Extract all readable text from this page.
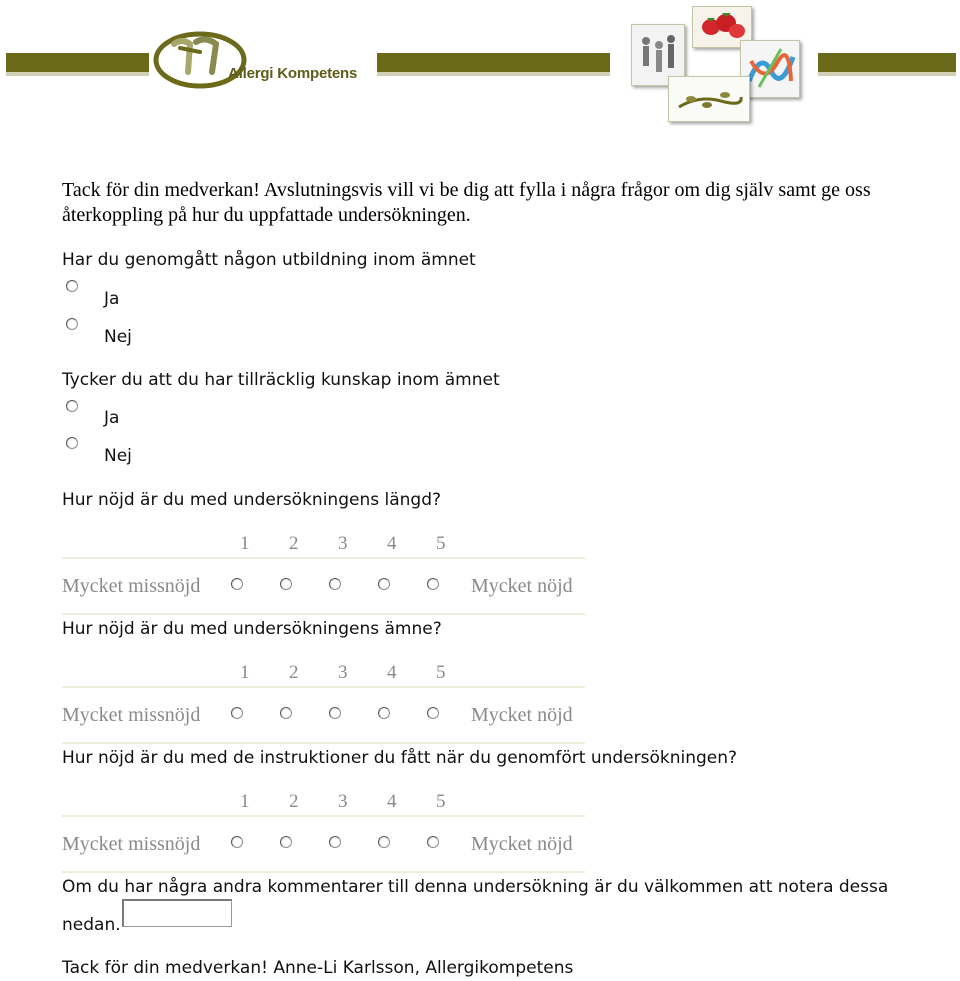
Allergi Kompetens
Tack för din medverkan! Avslutningsvis vill vi be dig att fylla i några frågor om dig själv samt ge oss återkoppling på hur du uppfattade undersökningen.
Har du genomgått någon utbildning inom ämnet
Ja
Nej
Tycker du att du har tillräcklig kunskap inom ämnet
Ja
Nej
Hur nöjd är du med undersökningens längd?
1 2 3 4 5
Mycket missnöjd	Mycket nöjd
Hur nöjd är du med undersökningens ämne?
1 2 3 4 5
Mycket missnöjd	Mycket nöjd
Hur nöjd är du med de instruktioner du fått när du genomfört undersökningen?
1 2 3 4 5
Mycket missnöjd	Mycket nöjd
Om du har några andra kommentarer till denna undersökning är du välkommen att notera dessa
nedan.
Tack för din medverkan! Anne-Li Karlsson, Allergikompetens
